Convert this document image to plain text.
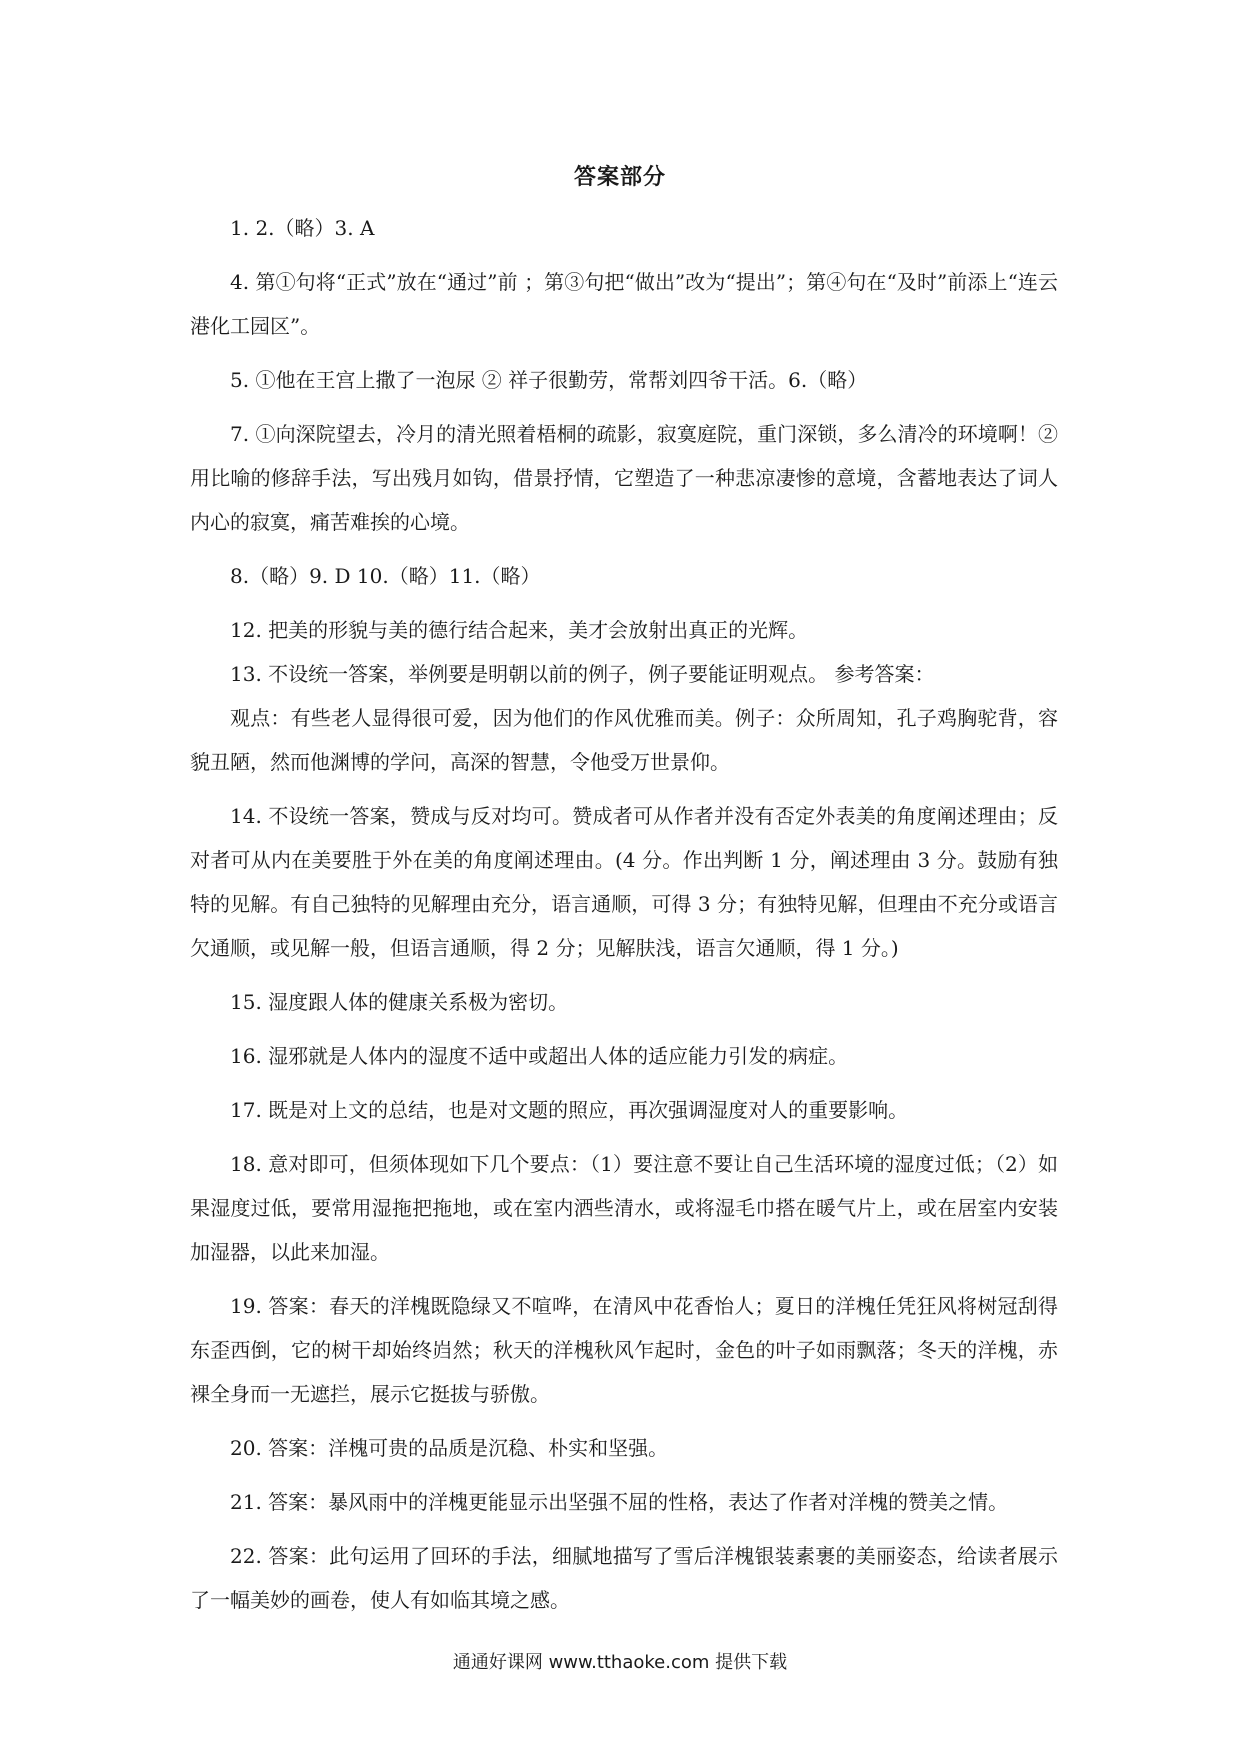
答案部分

1. 2.（略）3. A

4. 第①句将“正式”放在“通过”前 ；第③句把“做出”改为“提出”；第④句在“及时”前添上“连云港化工园区”。

5. ①他在王宫上撒了一泡尿 ② 祥子很勤劳，常帮刘四爷干活。6.（略）

7. ①向深院望去，冷月的清光照着梧桐的疏影，寂寞庭院，重门深锁，多么清冷的环境啊！②用比喻的修辞手法，写出残月如钩，借景抒情，它塑造了一种悲凉凄惨的意境，含蓄地表达了词人内心的寂寞，痛苦难挨的心境。

8.（略）9. D 10.（略）11.（略）

12. 把美的形貌与美的德行结合起来，美才会放射出真正的光辉。

13. 不设统一答案，举例要是明朝以前的例子，例子要能证明观点。 参考答案：

观点：有些老人显得很可爱，因为他们的作风优雅而美。例子：众所周知，孔子鸡胸驼背，容貌丑陋，然而他渊博的学问，高深的智慧，令他受万世景仰。

14. 不设统一答案，赞成与反对均可。赞成者可从作者并没有否定外表美的角度阐述理由；反对者可从内在美要胜于外在美的角度阐述理由。(4 分。作出判断 1 分，阐述理由 3 分。鼓励有独特的见解。有自己独特的见解理由充分，语言通顺，可得 3 分；有独特见解，但理由不充分或语言欠通顺，或见解一般，但语言通顺，得 2 分；见解肤浅，语言欠通顺，得 1 分。)

15. 湿度跟人体的健康关系极为密切。

16. 湿邪就是人体内的湿度不适中或超出人体的适应能力引发的病症。

17. 既是对上文的总结，也是对文题的照应，再次强调湿度对人的重要影响。

18. 意对即可，但须体现如下几个要点：（1）要注意不要让自己生活环境的湿度过低；（2）如果湿度过低，要常用湿拖把拖地，或在室内洒些清水，或将湿毛巾搭在暖气片上，或在居室内安装加湿器，以此来加湿。

19. 答案：春天的洋槐既隐绿又不喧哗，在清风中花香怡人；夏日的洋槐任凭狂风将树冠刮得东歪西倒，它的树干却始终岿然；秋天的洋槐秋风乍起时，金色的叶子如雨飘落；冬天的洋槐，赤裸全身而一无遮拦，展示它挺拔与骄傲。

20. 答案：洋槐可贵的品质是沉稳、朴实和坚强。

21. 答案：暴风雨中的洋槐更能显示出坚强不屈的性格，表达了作者对洋槐的赞美之情。

22. 答案：此句运用了回环的手法，细腻地描写了雪后洋槐银装素裹的美丽姿态，给读者展示了一幅美妙的画卷，使人有如临其境之感。

通通好课网 www.tthaoke.com 提供下载
